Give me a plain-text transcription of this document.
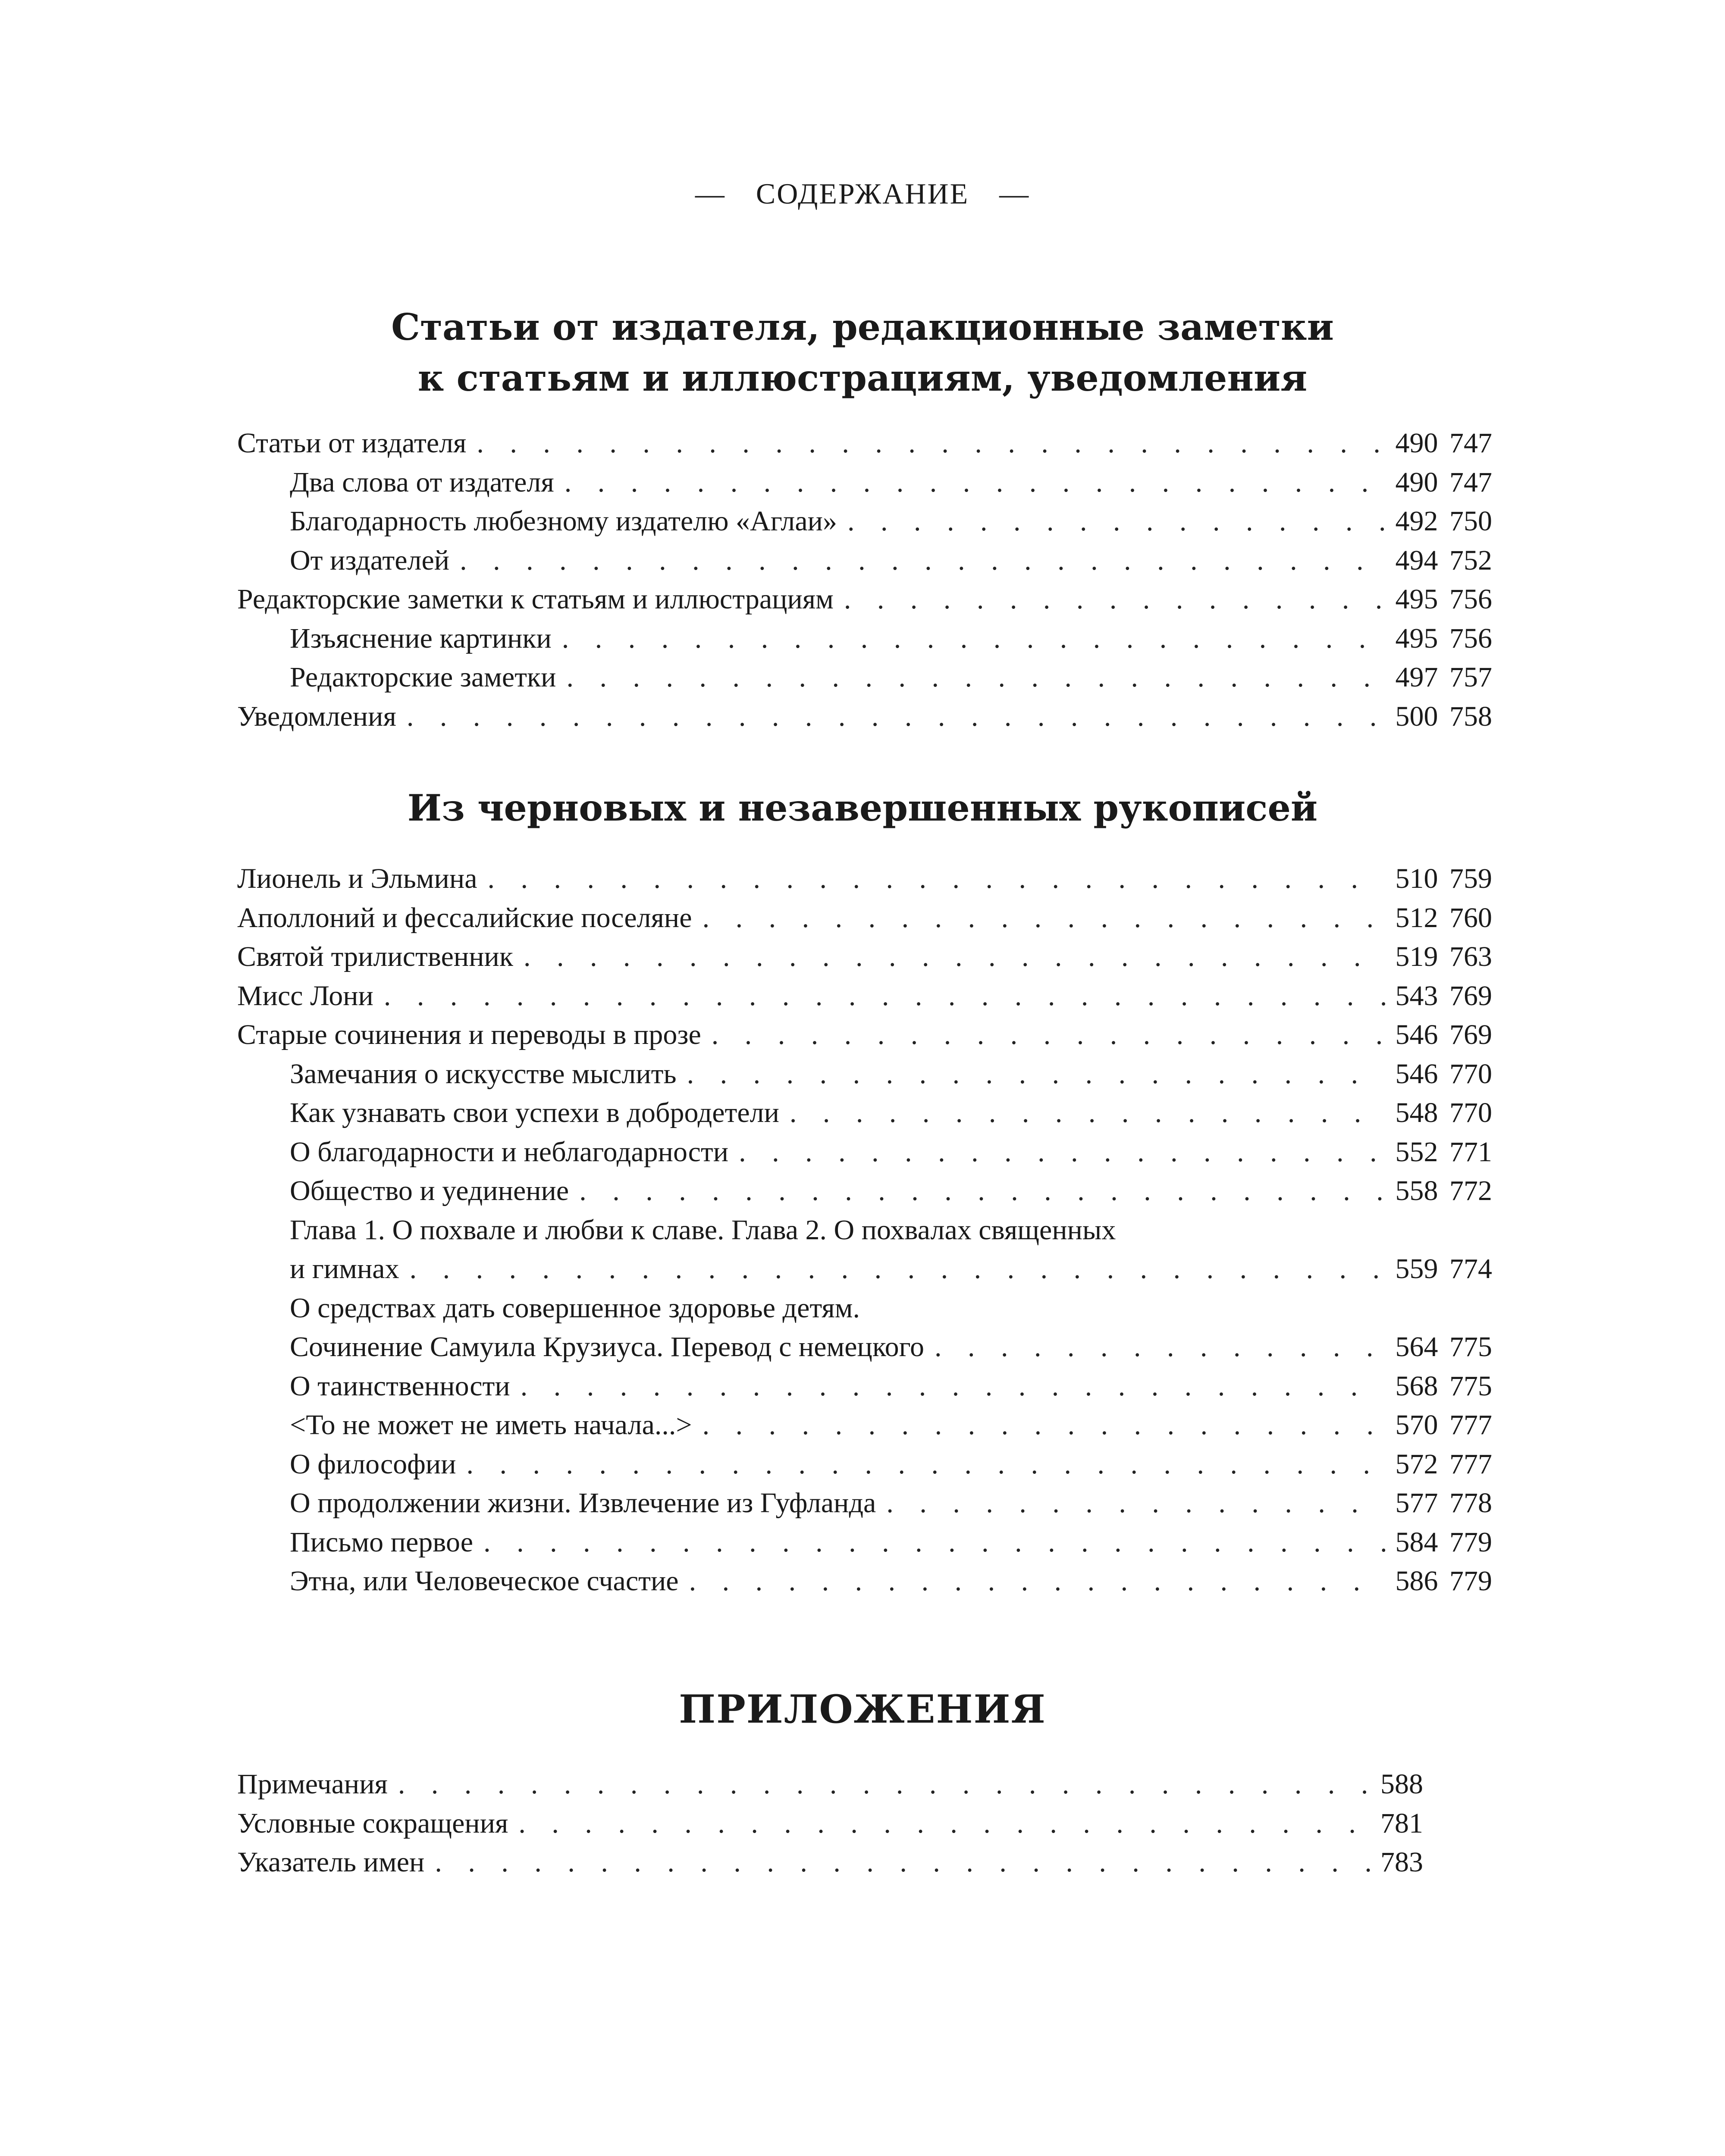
— СОДЕРЖАНИЕ —
Статьи от издателя, редакционные заметки
к статьям и иллюстрациям, уведомления
Статьи от издателя . . .	490 747
Два слова от издателя . . .	490 747
Благодарность любезному издателю «Аглаи» . . .	492 750
От издателей . . .	494 752
Редакторские заметки к статьям и иллюстрациям . . .	495 756
Изъяснение картинки . . .	495 756
Редакторские заметки . . .	497 757
Уведомления . . .	500 758
Из черновых и незавершенных рукописей
Лионель и Эльмина . . .	510 759
Аполлоний и фессалийские поселяне . . .	512 760
Святой трилиственник . . .	519 763
Мисс Лони . . .	543 769
Старые сочинения и переводы в прозе . . .	546 769
Замечания о искусстве мыслить . . .	546 770
Как узнавать свои успехи в добродетели . . .	548 770
О благодарности и неблагодарности . . .	552 771
Общество и уединение . . .	558 772
Глава 1. О похвале и любви к славе. Глава 2. О похвалах священных
и гимнах . . .	559 774
О средствах дать совершенное здоровье детям.
Сочинение Самуила Крузиуса. Перевод с немецкого . . .	564 775
О таинственности . . .	568 775
<То не может не иметь начала...> . . .	570 777
О философии . . .	572 777
О продолжении жизни. Извлечение из Гуфланда . . .	577 778
Письмо первое . . .	584 779
Этна, или Человеческое счастие . . .	586 779
ПРИЛОЖЕНИЯ
Примечания . . .	588
Условные сокращения . . .	781
Указатель имен . . .	783
